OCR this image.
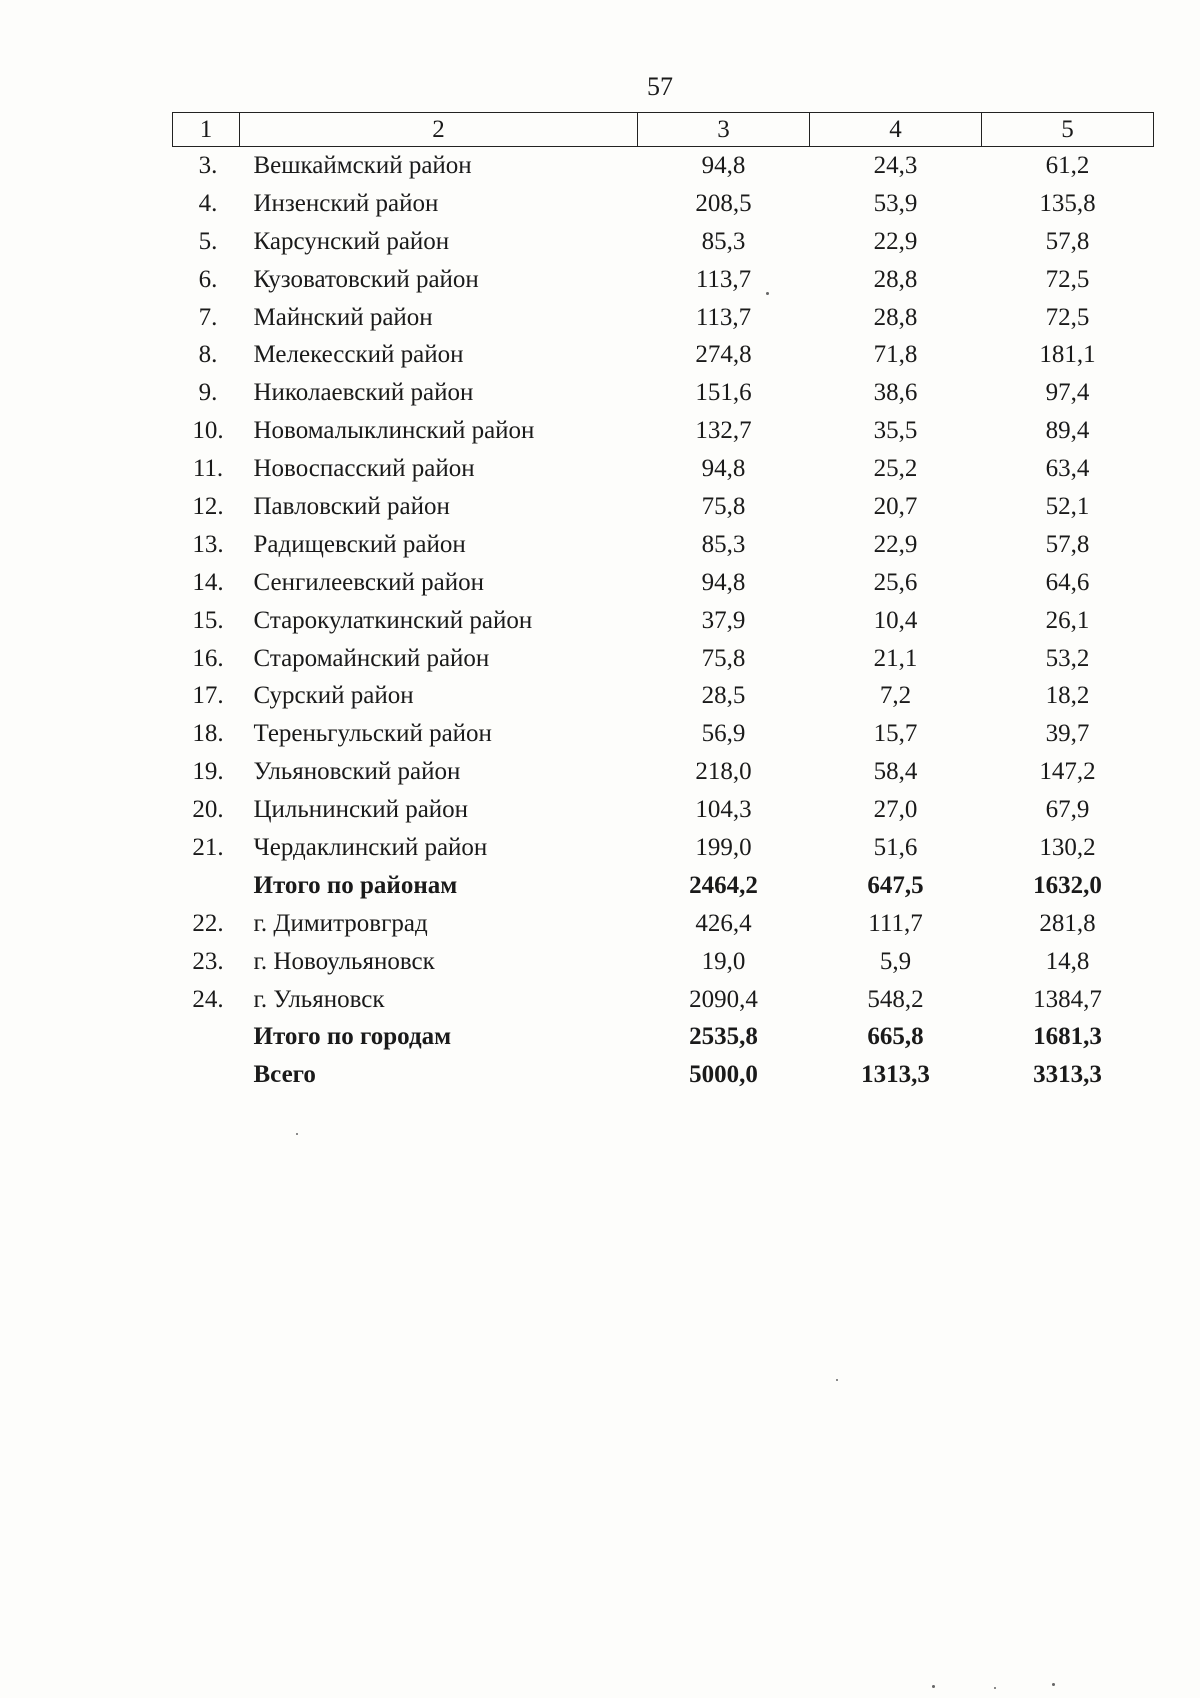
57
1	2	3	4	5
3.	Вешкаймский район	94,8	24,3	61,2
4.	Инзенский район	208,5	53,9	135,8
5.	Карсунский район	85,3	22,9	57,8
6.	Кузоватовский район	113,7	28,8	72,5
7.	Майнский район	113,7	28,8	72,5
8.	Мелекесский район	274,8	71,8	181,1
9.	Николаевский район	151,6	38,6	97,4
10.	Новомалыклинский район	132,7	35,5	89,4
11.	Новоспасский район	94,8	25,2	63,4
12.	Павловский район	75,8	20,7	52,1
13.	Радищевский район	85,3	22,9	57,8
14.	Сенгилеевский район	94,8	25,6	64,6
15.	Старокулаткинский район	37,9	10,4	26,1
16.	Старомайнский район	75,8	21,1	53,2
17.	Сурский район	28,5	7,2	18,2
18.	Тереньгульский район	56,9	15,7	39,7
19.	Ульяновский район	218,0	58,4	147,2
20.	Цильнинский район	104,3	27,0	67,9
21.	Чердаклинский район	199,0	51,6	130,2
	Итого по районам	2464,2	647,5	1632,0
22.	г. Димитровград	426,4	111,7	281,8
23.	г. Новоульяновск	19,0	5,9	14,8
24.	г. Ульяновск	2090,4	548,2	1384,7
	Итого по городам	2535,8	665,8	1681,3
	Всего	5000,0	1313,3	3313,3
